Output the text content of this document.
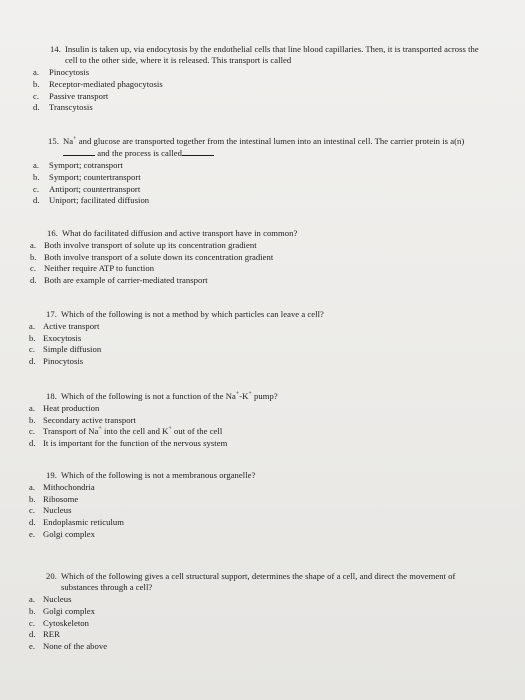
14. Insulin is taken up, via endocytosis by the endothelial cells that line blood capillaries. Then, it is transported across the cell to the other side, where it is released. This transport is called
a. Pinocytosis
b. Receptor-mediated phagocytosis
c. Passive transport
d. Transcytosis
15. Na+ and glucose are transported together from the intestinal lumen into an intestinal cell. The carrier protein is a(n) and the process is called
a. Symport; cotransport
b. Symport; countertransport
c. Antiport; countertransport
d. Uniport; facilitated diffusion
16. What do facilitated diffusion and active transport have in common?
a. Both involve transport of solute up its concentration gradient
b. Both involve transport of a solute down its concentration gradient
c. Neither require ATP to function
d. Both are example of carrier-mediated transport
17. Which of the following is not a method by which particles can leave a cell?
a. Active transport
b. Exocytosis
c. Simple diffusion
d. Pinocytosis
18. Which of the following is not a function of the Na+-K+ pump?
a. Heat production
b. Secondary active transport
c. Transport of Na+ into the cell and K+ out of the cell
d. It is important for the function of the nervous system
19. Which of the following is not a membranous organelle?
a. Mithochondria
b. Ribosome
c. Nucleus
d. Endoplasmic reticulum
e. Golgi complex
20. Which of the following gives a cell structural support, determines the shape of a cell, and direct the movement of substances through a cell?
a. Nucleus
b. Golgi complex
c. Cytoskeleton
d. RER
e. None of the above
